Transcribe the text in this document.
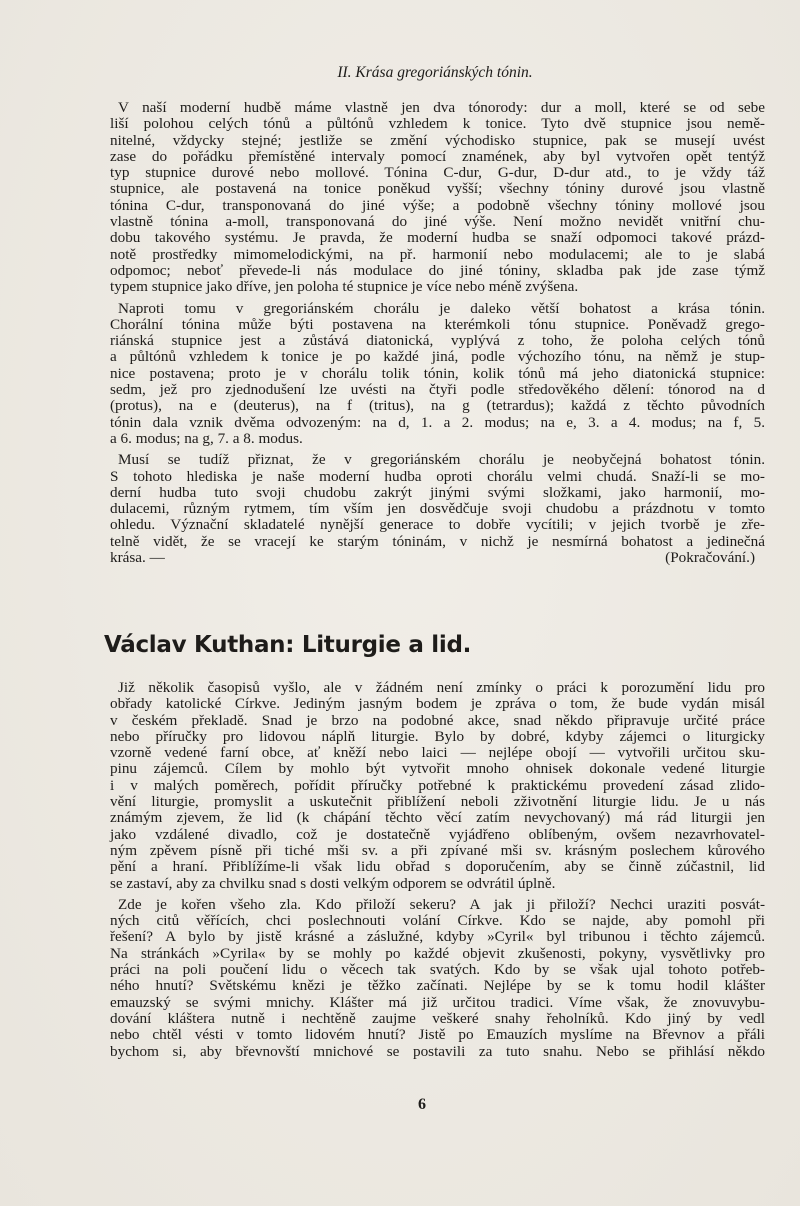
II. Krása gregoriánských tónin.
V naší moderní hudbě máme vlastně jen dva tónorody: dur a moll, které se od sebe
liší polohou celých tónů a půltónů vzhledem k tonice. Tyto dvě stupnice jsou nemě-
nitelné, vždycky stejné; jestliže se změní východisko stupnice, pak se musejí uvést
zase do pořádku přemístěné intervaly pomocí znamének, aby byl vytvořen opět tentýž
typ stupnice durové nebo mollové. Tónina C-dur, G-dur, D-dur atd., to je vždy táž
stupnice, ale postavená na tonice poněkud vyšší; všechny tóniny durové jsou vlastně
tónina C-dur, transponovaná do jiné výše; a podobně všechny tóniny mollové jsou
vlastně tónina a-moll, transponovaná do jiné výše. Není možno nevidět vnitřní chu-
dobu takového systému. Je pravda, že moderní hudba se snaží odpomoci takové prázd-
notě prostředky mimomelodickými, na př. harmonií nebo modulacemi; ale to je slabá
odpomoc; neboť převede-li nás modulace do jiné tóniny, skladba pak jde zase týmž
typem stupnice jako dříve, jen poloha té stupnice je více nebo méně zvýšena.
Naproti tomu v gregoriánském chorálu je daleko větší bohatost a krása tónin.
Chorální tónina může býti postavena na kterémkoli tónu stupnice. Poněvadž grego-
riánská stupnice jest a zůstává diatonická, vyplývá z toho, že poloha celých tónů
a půltónů vzhledem k tonice je po každé jiná, podle výchozího tónu, na němž je stup-
nice postavena; proto je v chorálu tolik tónin, kolik tónů má jeho diatonická stupnice:
sedm, jež pro zjednodušení lze uvésti na čtyři podle středověkého dělení: tónorod na d
(protus), na e (deuterus), na f (tritus), na g (tetrardus); každá z těchto původních
tónin dala vznik dvěma odvozeným: na d, 1. a 2. modus; na e, 3. a 4. modus; na f, 5.
a 6. modus; na g, 7. a 8. modus.
Musí se tudíž přiznat, že v gregoriánském chorálu je neobyčejná bohatost tónin.
S tohoto hlediska je naše moderní hudba oproti chorálu velmi chudá. Snaží-li se mo-
derní hudba tuto svoji chudobu zakrýt jinými svými složkami, jako harmonií, mo-
dulacemi, různým rytmem, tím vším jen dosvědčuje svoji chudobu a prázdnotu v tomto
ohledu. Význační skladatelé nynější generace to dobře vycítili; v jejich tvorbě je zře-
telně vidět, že se vracejí ke starým tóninám, v nichž je nesmírná bohatost a jedinečná
krása. —	(Pokračování.)
Václav Kuthan: Liturgie a lid.
Již několik časopisů vyšlo, ale v žádném není zmínky o práci k porozumění lidu pro
obřady katolické Církve. Jediným jasným bodem je zpráva o tom, že bude vydán misál
v českém překladě. Snad je brzo na podobné akce, snad někdo připravuje určité práce
nebo příručky pro lidovou náplň liturgie. Bylo by dobré, kdyby zájemci o liturgicky
vzorně vedené farní obce, ať kněží nebo laici — nejlépe obojí — vytvořili určitou sku-
pinu zájemců. Cílem by mohlo být vytvořit mnoho ohnisek dokonale vedené liturgie
i v malých poměrech, pořídit příručky potřebné k praktickému provedení zásad zlido-
vění liturgie, promyslit a uskutečnit přiblížení neboli zživotnění liturgie lidu. Je u nás
známým zjevem, že lid (k chápání těchto věcí zatím nevychovaný) má rád liturgii jen
jako vzdálené divadlo, což je dostatečně vyjádřeno oblíbeným, ovšem nezavrhovatel-
ným zpěvem písně při tiché mši sv. a při zpívané mši sv. krásným poslechem kůrového
pění a hraní. Přiblížíme-li však lidu obřad s doporučením, aby se činně zúčastnil, lid
se zastaví, aby za chvilku snad s dosti velkým odporem se odvrátil úplně.
Zde je kořen všeho zla. Kdo přiloží sekeru? A jak ji přiloží? Nechci uraziti posvát-
ných citů věřících, chci poslechnouti volání Církve. Kdo se najde, aby pomohl při
řešení? A bylo by jistě krásné a záslužné, kdyby »Cyril« byl tribunou i těchto zájemců.
Na stránkách »Cyrila« by se mohly po každé objevit zkušenosti, pokyny, vysvětlivky pro
práci na poli poučení lidu o věcech tak svatých. Kdo by se však ujal tohoto potřeb-
ného hnutí? Světskému knězi je těžko začínati. Nejlépe by se k tomu hodil klášter
emauzský se svými mnichy. Klášter má již určitou tradici. Víme však, že znovuvybu-
dování kláštera nutně i nechtěně zaujme veškeré snahy řeholníků. Kdo jiný by vedl
nebo chtěl vésti v tomto lidovém hnutí? Jistě po Emauzích myslíme na Břevnov a přáli
bychom si, aby břevnovští mnichové se postavili za tuto snahu. Nebo se přihlásí někdo
6
